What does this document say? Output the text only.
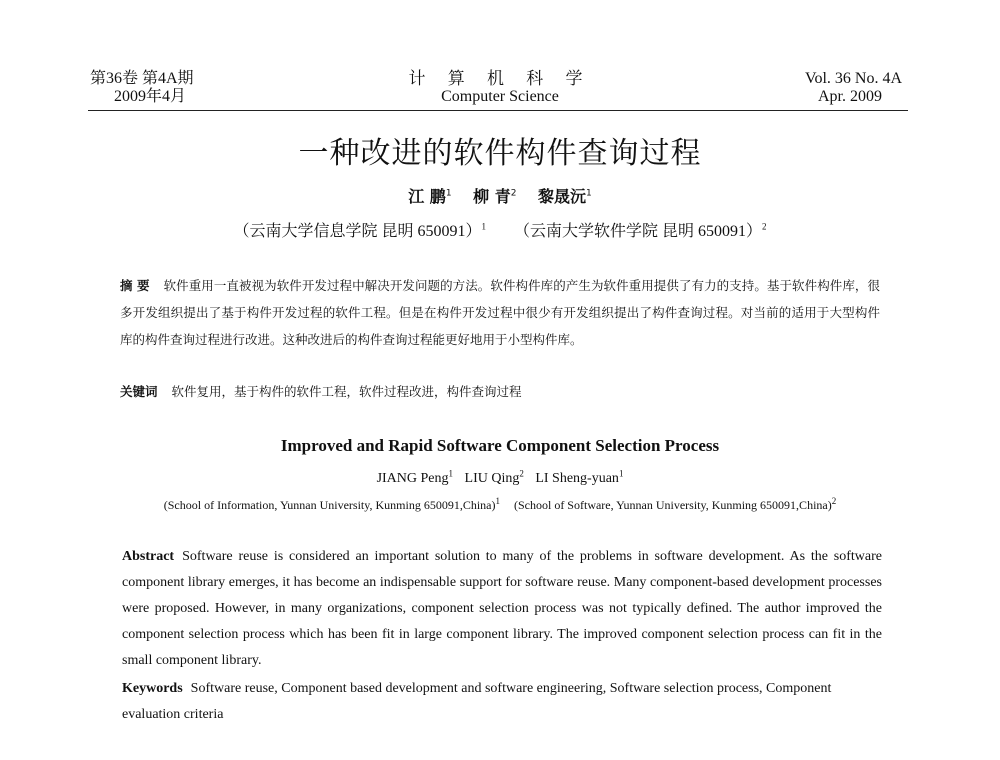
第36卷 第4A期
2009年4月
计 算 机 科 学
Computer Science
Vol. 36 No. 4A
Apr. 2009
一种改进的软件构件查询过程
江 鹏$^1$ 柳 青$^2$ 黎晟沅$^1$
（云南大学信息学院 昆明 650091）$^1$ （云南大学软件学院 昆明 650091）$^2$
摘 要 软件重用一直被视为软件开发过程中解决开发问题的方法。软件构件库的产生为软件重用提供了有力的支持。基于软件构件库，很多开发组织提出了基于构件开发过程的软件工程。但是在构件开发过程中很少有开发组织提出了构件查询过程。对当前的适用于大型构件库的构件查询过程进行改进。这种改进后的构件查询过程能更好地用于小型构件库。
关键词 软件复用，基于构件的软件工程，软件过程改进，构件查询过程
Improved and Rapid Software Component Selection Process
JIANG Peng$^1$ LIU Qing$^2$ LI Sheng-yuan$^1$
(School of Information, Yunnan University, Kunming 650091,China)$^1$ (School of Software, Yunnan University, Kunming 650091,China)$^2$
Abstract Software reuse is considered an important solution to many of the problems in software development. As the software component library emerges, it has become an indispensable support for software reuse. Many component-based development processes were proposed. However, in many organizations, component selection process was not typically defined. The author improved the component selection process which has been fit in large component library. The improved component selection process can fit in the small component library.
Keywords Software reuse, Component based development and software engineering, Software selection process, Component evaluation criteria
